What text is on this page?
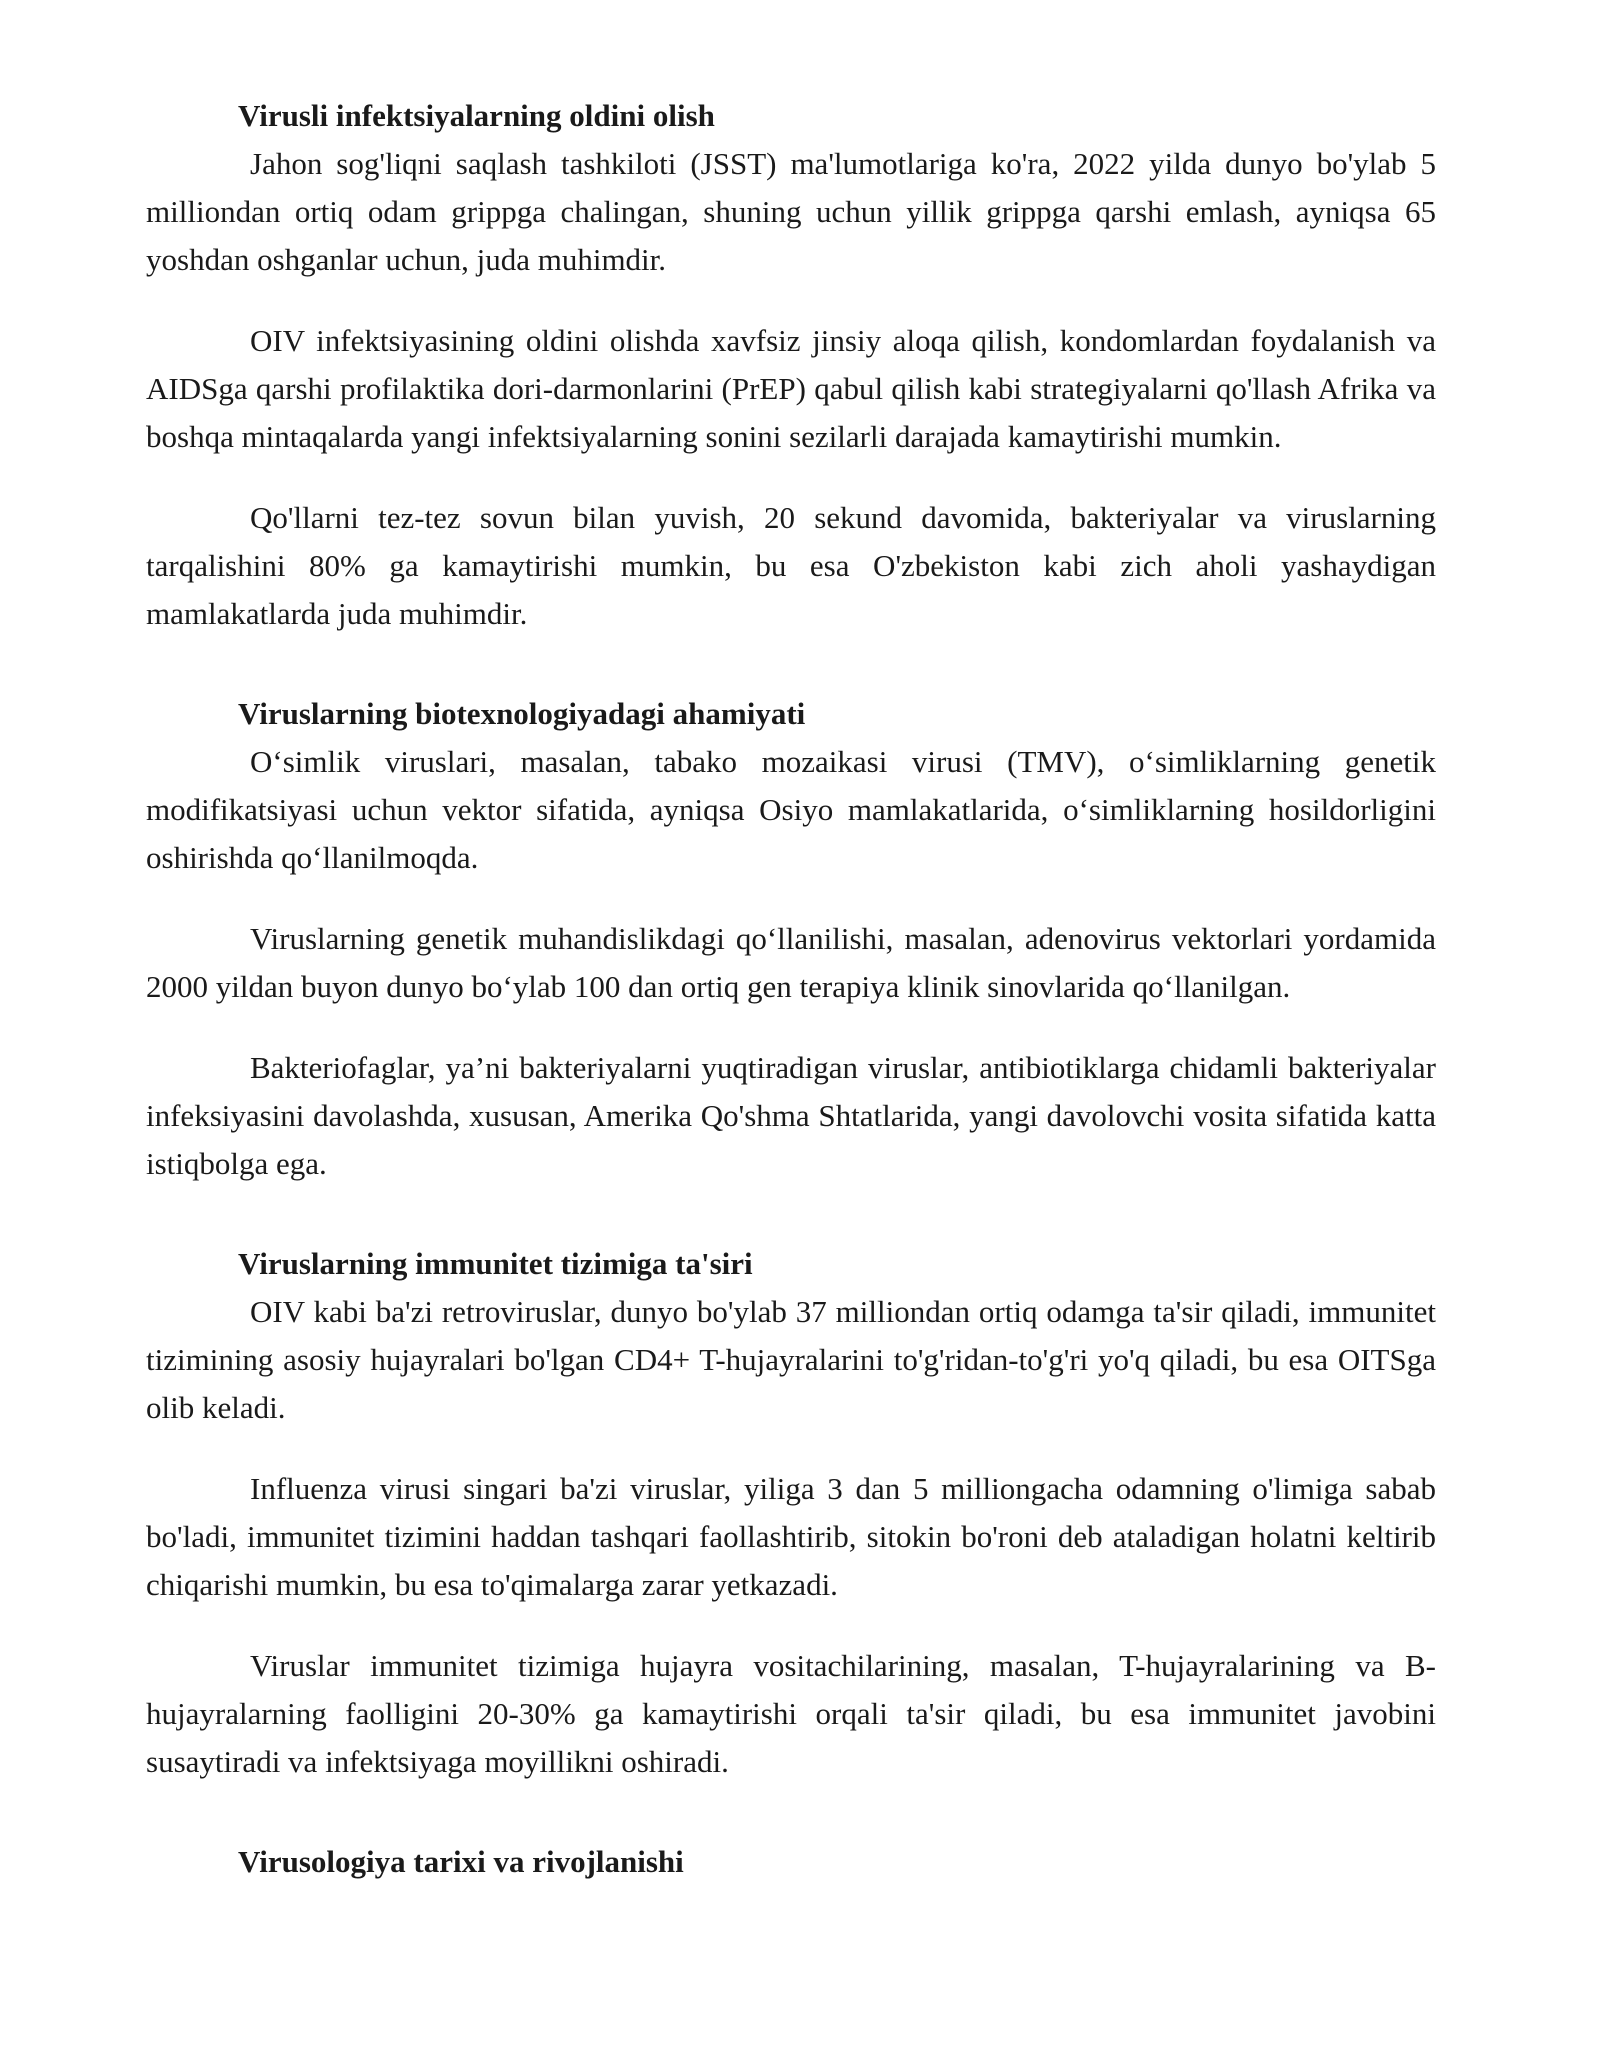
Virusli infektsiyalarning oldini olish

Jahon sog'liqni saqlash tashkiloti (JSST) ma'lumotlariga ko'ra, 2022 yilda dunyo bo'ylab 5 milliondan ortiq odam grippga chalingan, shuning uchun yillik grippga qarshi emlash, ayniqsa 65 yoshdan oshganlar uchun, juda muhimdir.

OIV infektsiyasining oldini olishda xavfsiz jinsiy aloqa qilish, kondomlardan foydalanish va AIDSga qarshi profilaktika dori-darmonlarini (PrEP) qabul qilish kabi strategiyalarni qo'llash Afrika va boshqa mintaqalarda yangi infektsiyalarning sonini sezilarli darajada kamaytirishi mumkin.

Qo'llarni tez-tez sovun bilan yuvish, 20 sekund davomida, bakteriyalar va viruslarning tarqalishini 80% ga kamaytirishi mumkin, bu esa O'zbekiston kabi zich aholi yashaydigan mamlakatlarda juda muhimdir.

Viruslarning biotexnologiyadagi ahamiyati

O‘simlik viruslari, masalan, tabako mozaikasi virusi (TMV), o‘simliklarning genetik modifikatsiyasi uchun vektor sifatida, ayniqsa Osiyo mamlakatlarida, o‘simliklarning hosildorligini oshirishda qo‘llanilmoqda.

Viruslarning genetik muhandislikdagi qo‘llanilishi, masalan, adenovirus vektorlari yordamida 2000 yildan buyon dunyo bo‘ylab 100 dan ortiq gen terapiya klinik sinovlarida qo‘llanilgan.

Bakteriofaglar, ya’ni bakteriyalarni yuqtiradigan viruslar, antibiotiklarga chidamli bakteriyalar infeksiyasini davolashda, xususan, Amerika Qo'shma Shtatlarida, yangi davolovchi vosita sifatida katta istiqbolga ega.

Viruslarning immunitet tizimiga ta'siri

OIV kabi ba'zi retroviruslar, dunyo bo'ylab 37 milliondan ortiq odamga ta'sir qiladi, immunitet tizimining asosiy hujayralari bo'lgan CD4+ T-hujayralarini to'g'ridan-to'g'ri yo'q qiladi, bu esa OITSga olib keladi.

Influenza virusi singari ba'zi viruslar, yiliga 3 dan 5 milliongacha odamning o'limiga sabab bo'ladi, immunitet tizimini haddan tashqari faollashtirib, sitokin bo'roni deb ataladigan holatni keltirib chiqarishi mumkin, bu esa to'qimalarga zarar yetkazadi.

Viruslar immunitet tizimiga hujayra vositachilarining, masalan, T-hujayralarining va B-hujayralarning faolligini 20-30% ga kamaytirishi orqali ta'sir qiladi, bu esa immunitet javobini susaytiradi va infektsiyaga moyillikni oshiradi.

Virusologiya tarixi va rivojlanishi
